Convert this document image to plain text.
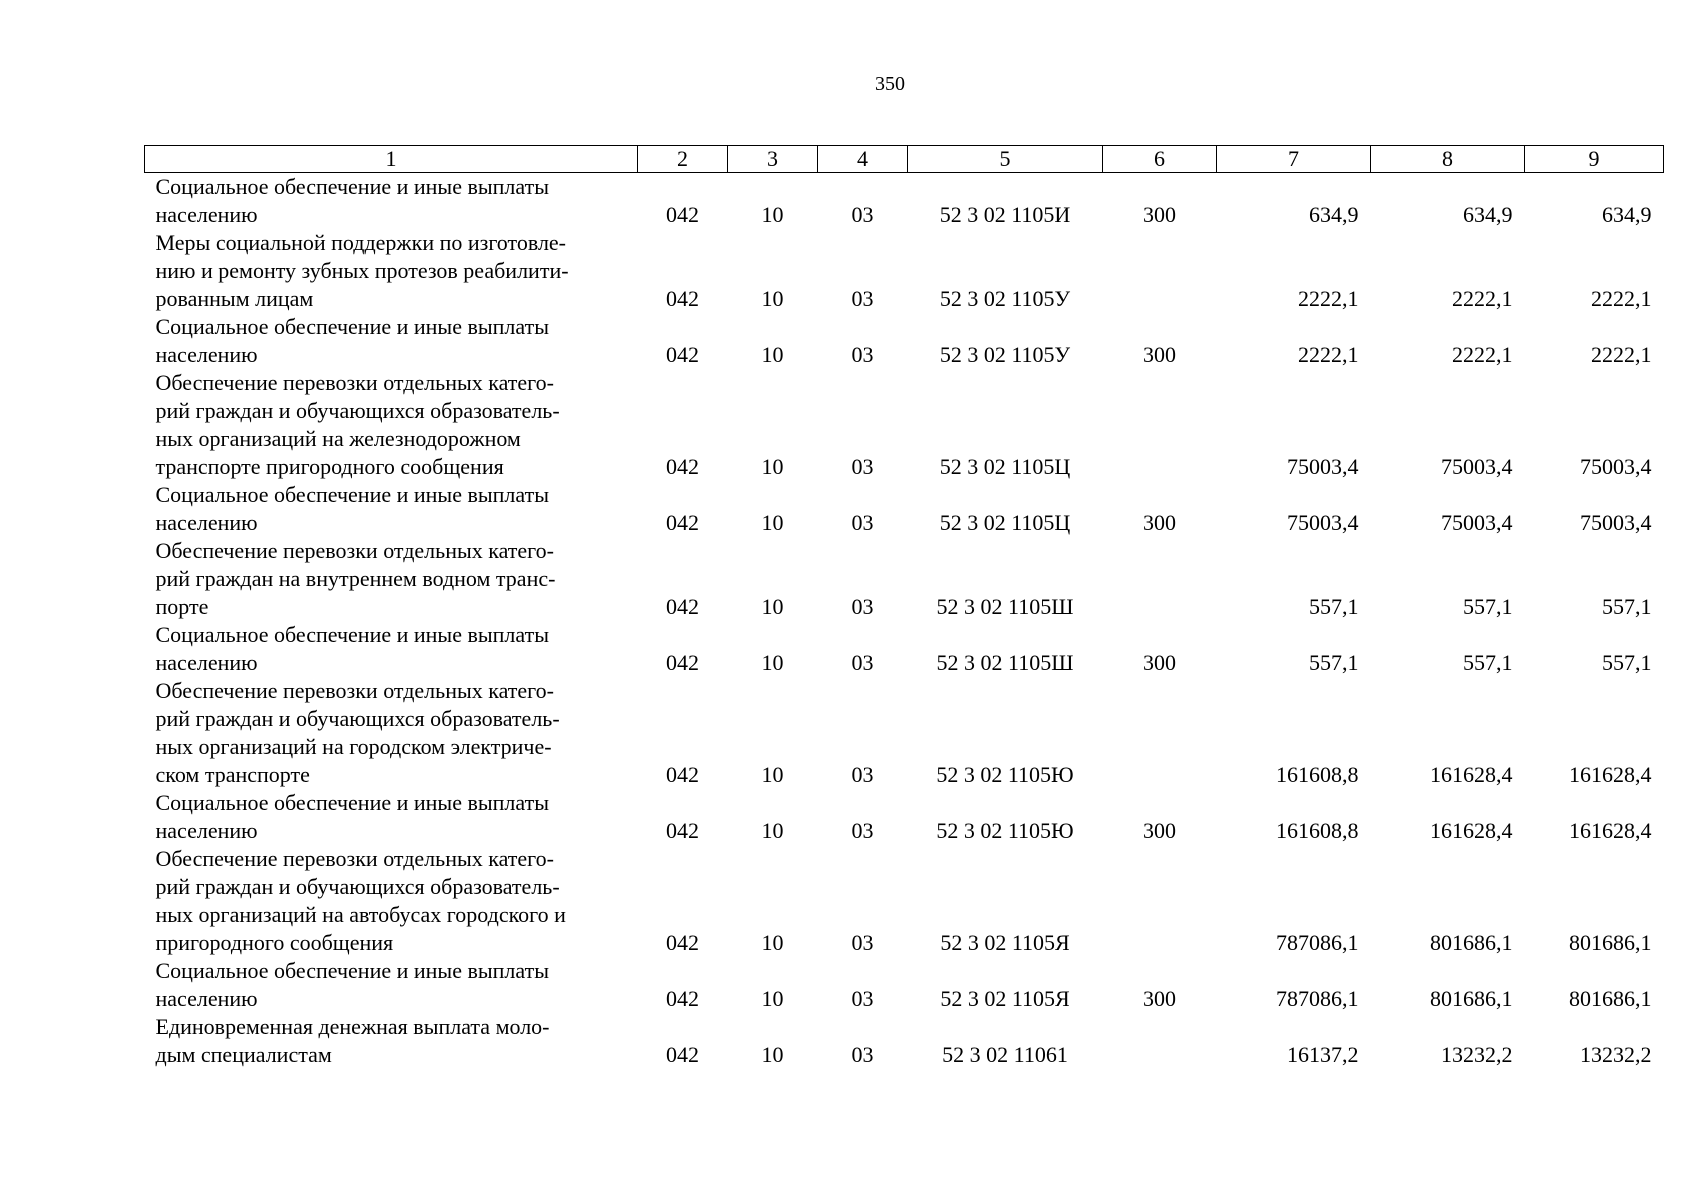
350
1	2	3	4	5	6	7	8	9

Социальное обеспечение и иные выплаты
населению	042	10	03	52 3 02 1105И	300	634,9	634,9	634,9

Меры социальной поддержки по изготовле-
нию и ремонту зубных протезов реабилити-
рованным лицам	042	10	03	52 3 02 1105У		2222,1	2222,1	2222,1

Социальное обеспечение и иные выплаты
населению	042	10	03	52 3 02 1105У	300	2222,1	2222,1	2222,1

Обеспечение перевозки отдельных катего-
рий граждан и обучающихся образователь-
ных организаций на железнодорожном
транспорте пригородного сообщения	042	10	03	52 3 02 1105Ц		75003,4	75003,4	75003,4

Социальное обеспечение и иные выплаты
населению	042	10	03	52 3 02 1105Ц	300	75003,4	75003,4	75003,4

Обеспечение перевозки отдельных катего-
рий граждан на внутреннем водном транс-
порте	042	10	03	52 3 02 1105Ш		557,1	557,1	557,1

Социальное обеспечение и иные выплаты
населению	042	10	03	52 3 02 1105Ш	300	557,1	557,1	557,1

Обеспечение перевозки отдельных катего-
рий граждан и обучающихся образователь-
ных организаций на городском электриче-
ском транспорте	042	10	03	52 3 02 1105Ю		161608,8	161628,4	161628,4

Социальное обеспечение и иные выплаты
населению	042	10	03	52 3 02 1105Ю	300	161608,8	161628,4	161628,4

Обеспечение перевозки отдельных катего-
рий граждан и обучающихся образователь-
ных организаций на автобусах городского и
пригородного сообщения	042	10	03	52 3 02 1105Я		787086,1	801686,1	801686,1

Социальное обеспечение и иные выплаты
населению	042	10	03	52 3 02 1105Я	300	787086,1	801686,1	801686,1

Единовременная денежная выплата моло-
дым специалистам	042	10	03	52 3 02 11061		16137,2	13232,2	13232,2
